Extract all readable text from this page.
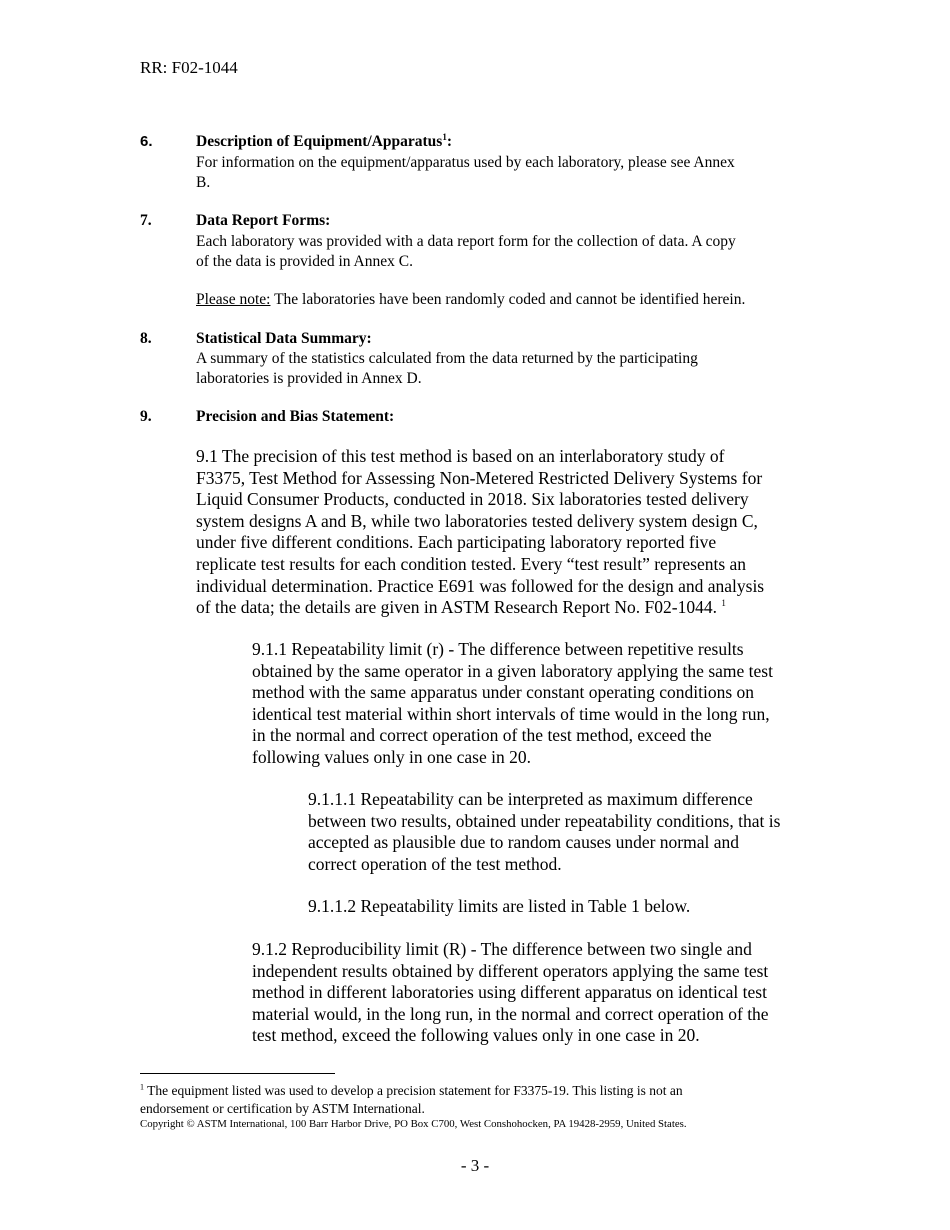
RR: F02-1044
6.	Description of Equipment/Apparatus$^1$:
For information on the equipment/apparatus used by each laboratory, please see Annex
B.
7.	Data Report Forms:
Each laboratory was provided with a data report form for the collection of data. A copy
of the data is provided in Annex C.
Please note: The laboratories have been randomly coded and cannot be identified herein.
8.	Statistical Data Summary:
A summary of the statistics calculated from the data returned by the participating
laboratories is provided in Annex D.
9.	Precision and Bias Statement:
9.1 The precision of this test method is based on an interlaboratory study of
F3375, Test Method for Assessing Non-Metered Restricted Delivery Systems for
Liquid Consumer Products, conducted in 2018. Six laboratories tested delivery
system designs A and B, while two laboratories tested delivery system design C,
under five different conditions. Each participating laboratory reported five
replicate test results for each condition tested. Every “test result” represents an
individual determination. Practice E691 was followed for the design and analysis
of the data; the details are given in ASTM Research Report No. F02-1044. $^1$
9.1.1 Repeatability limit (r) - The difference between repetitive results
obtained by the same operator in a given laboratory applying the same test
method with the same apparatus under constant operating conditions on
identical test material within short intervals of time would in the long run,
in the normal and correct operation of the test method, exceed the
following values only in one case in 20.
9.1.1.1 Repeatability can be interpreted as maximum difference
between two results, obtained under repeatability conditions, that is
accepted as plausible due to random causes under normal and
correct operation of the test method.
9.1.1.2 Repeatability limits are listed in Table 1 below.
9.1.2 Reproducibility limit (R) - The difference between two single and
independent results obtained by different operators applying the same test
method in different laboratories using different apparatus on identical test
material would, in the long run, in the normal and correct operation of the
test method, exceed the following values only in one case in 20.
$^1$ The equipment listed was used to develop a precision statement for F3375-19. This listing is not an
endorsement or certification by ASTM International.
Copyright © ASTM International, 100 Barr Harbor Drive, PO Box C700, West Conshohocken, PA 19428-2959, United States.
- 3 -
